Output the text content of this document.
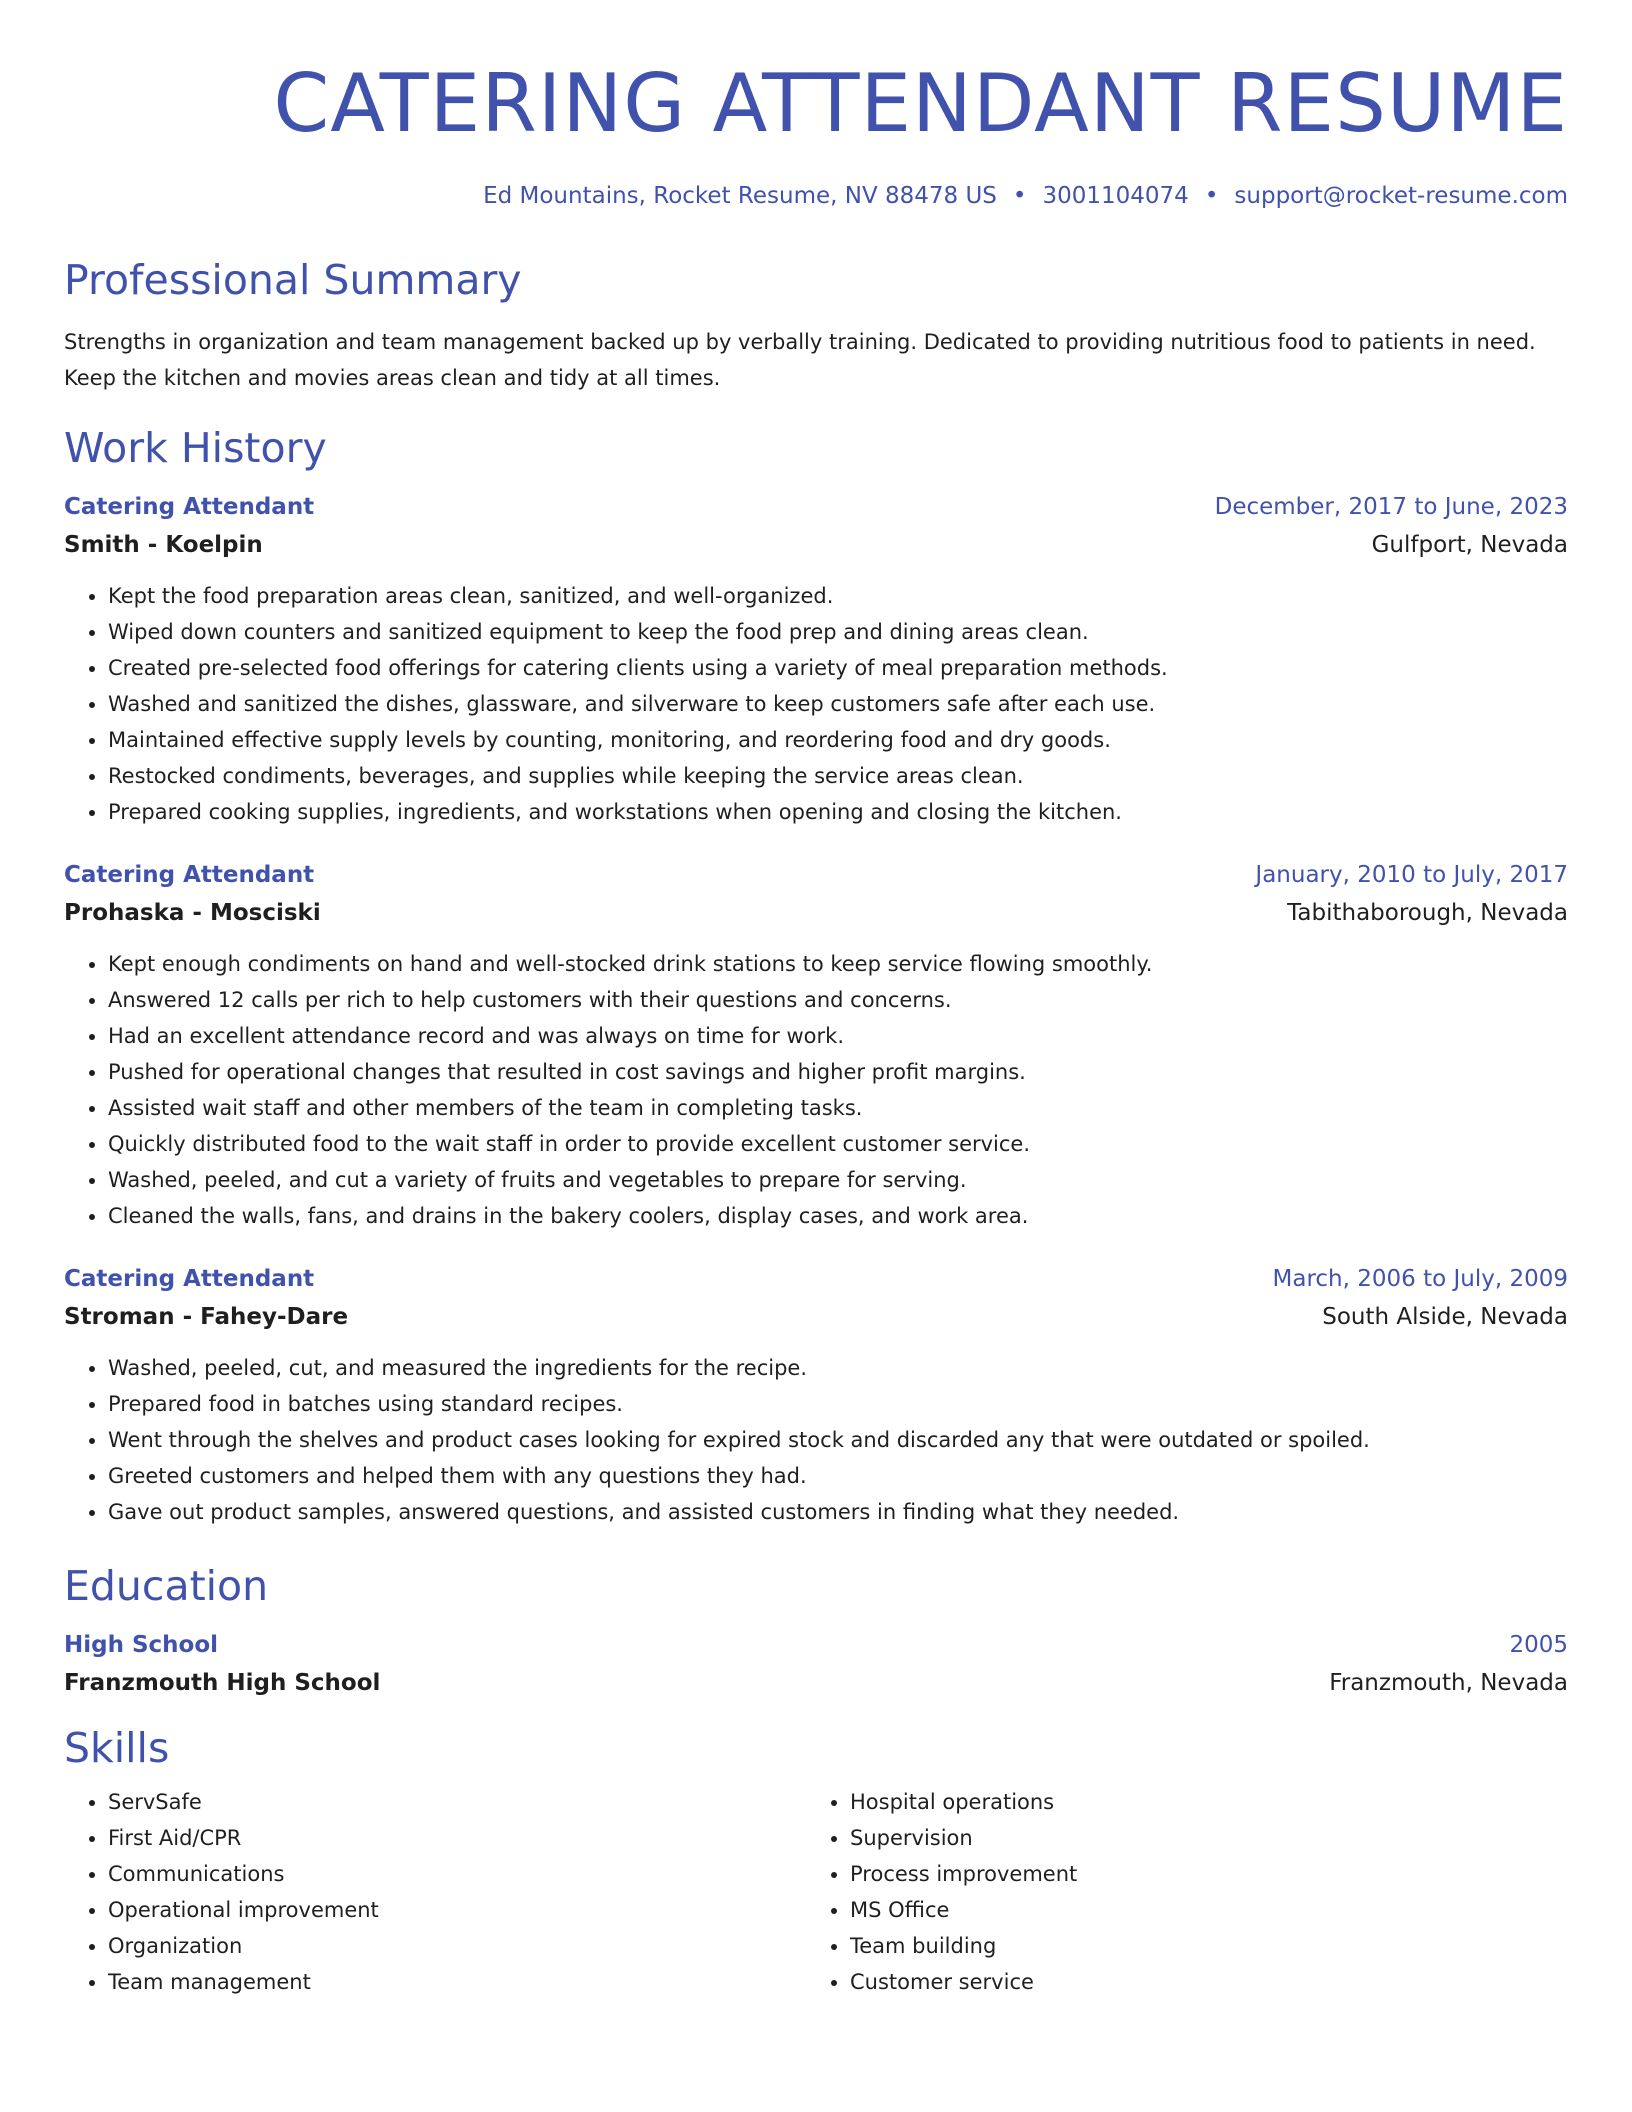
CATERING ATTENDANT RESUME
Ed Mountains, Rocket Resume, NV 88478 US • 3001104074 • support@rocket-resume.com
Professional Summary
Strengths in organization and team management backed up by verbally training. Dedicated to providing nutritious food to patients in need. Keep the kitchen and movies areas clean and tidy at all times.
Work History
Catering Attendant	December, 2017 to June, 2023
Smith - Koelpin	Gulfport, Nevada
• Kept the food preparation areas clean, sanitized, and well-organized.
• Wiped down counters and sanitized equipment to keep the food prep and dining areas clean.
• Created pre-selected food offerings for catering clients using a variety of meal preparation methods.
• Washed and sanitized the dishes, glassware, and silverware to keep customers safe after each use.
• Maintained effective supply levels by counting, monitoring, and reordering food and dry goods.
• Restocked condiments, beverages, and supplies while keeping the service areas clean.
• Prepared cooking supplies, ingredients, and workstations when opening and closing the kitchen.
Catering Attendant	January, 2010 to July, 2017
Prohaska - Mosciski	Tabithaborough, Nevada
• Kept enough condiments on hand and well-stocked drink stations to keep service flowing smoothly.
• Answered 12 calls per rich to help customers with their questions and concerns.
• Had an excellent attendance record and was always on time for work.
• Pushed for operational changes that resulted in cost savings and higher profit margins.
• Assisted wait staff and other members of the team in completing tasks.
• Quickly distributed food to the wait staff in order to provide excellent customer service.
• Washed, peeled, and cut a variety of fruits and vegetables to prepare for serving.
• Cleaned the walls, fans, and drains in the bakery coolers, display cases, and work area.
Catering Attendant	March, 2006 to July, 2009
Stroman - Fahey-Dare	South Alside, Nevada
• Washed, peeled, cut, and measured the ingredients for the recipe.
• Prepared food in batches using standard recipes.
• Went through the shelves and product cases looking for expired stock and discarded any that were outdated or spoiled.
• Greeted customers and helped them with any questions they had.
• Gave out product samples, answered questions, and assisted customers in finding what they needed.
Education
High School	2005
Franzmouth High School	Franzmouth, Nevada
Skills
• ServSafe
• First Aid/CPR
• Communications
• Operational improvement
• Organization
• Team management
• Hospital operations
• Supervision
• Process improvement
• MS Office
• Team building
• Customer service
